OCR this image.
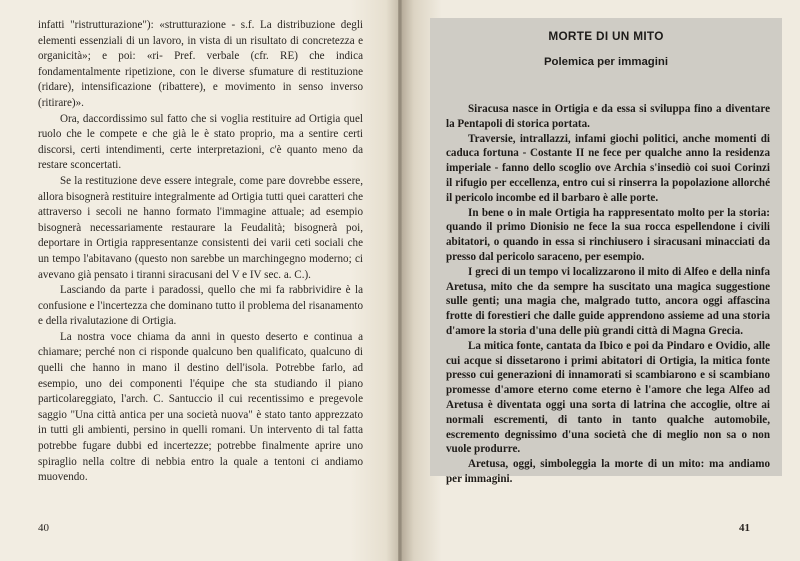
infatti "ristrutturazione"): «strutturazione - s.f. La distribuzione degli elementi essenziali di un lavoro, in vista di un risultato di concretezza e organicità»; e poi: «ri- Pref. verbale (cfr. RE) che indica fondamentalmente ripetizione, con le diverse sfumature di restituzione (ridare), intensificazione (ribattere), e movimento in senso inverso (ritirare)».

Ora, daccordissimo sul fatto che si voglia restituire ad Ortigia quel ruolo che le compete e che già le è stato proprio, ma a sentire certi discorsi, certi intendimenti, certe interpretazioni, c'è quanto meno da restare sconcertati.

Se la restituzione deve essere integrale, come pare dovrebbe essere, allora bisognerà restituire integralmente ad Ortigia tutti quei caratteri che attraverso i secoli ne hanno formato l'immagine attuale; ad esempio bisognerà necessariamente restaurare la Feudalità; bisognerà poi, deportare in Ortigia rappresentanze consistenti dei varii ceti sociali che un tempo l'abitavano (questo non sarebbe un marchingegno moderno; ci avevano già pensato i tiranni siracusani del V e IV sec. a. C.).

Lasciando da parte i paradossi, quello che mi fa rabbrividire è la confusione e l'incertezza che dominano tutto il problema del risanamento e della rivalutazione di Ortigia.

La nostra voce chiama da anni in questo deserto e continua a chiamare; perché non ci risponde qualcuno ben qualificato, qualcuno di quelli che hanno in mano il destino dell'isola. Potrebbe farlo, ad esempio, uno dei componenti l'équipe che sta studiando il piano particolareggiato, l'arch. C. Santuccio il cui recentissimo e pregevole saggio "Una città antica per una società nuova" è stato tanto apprezzato in tutti gli ambienti, persino in quelli romani. Un intervento di tal fatta potrebbe fugare dubbi ed incertezze; potrebbe finalmente aprire uno spiraglio nella coltre di nebbia entro la quale a tentoni ci andiamo muovendo.

40
MORTE DI UN MITO
Polemica per immagini

Siracusa nasce in Ortigia e da essa si sviluppa fino a diventare la Pentapoli di storica portata.

Traversie, intrallazzi, infami giochi politici, anche momenti di caduca fortuna - Costante II ne fece per qualche anno la residenza imperiale - fanno dello scoglio ove Archia s'insediò coi suoi Corinzi il rifugio per eccellenza, entro cui si rinserra la popolazione allorché il pericolo incombe ed il barbaro è alle porte.

In bene o in male Ortigia ha rappresentato molto per la storia: quando il primo Dionisio ne fece la sua rocca espellendone i civili abitatori, o quando in essa si rinchiusero i siracusani minacciati da presso dal pericolo saraceno, per esempio.

I greci di un tempo vi localizzarono il mito di Alfeo e della ninfa Aretusa, mito che da sempre ha suscitato una magica suggestione sulle genti; una magia che, malgrado tutto, ancora oggi affascina frotte di forestieri che dalle guide apprendono assieme ad una storia d'amore la storia d'una delle più grandi città di Magna Grecia.

La mitica fonte, cantata da Ibico e poi da Pindaro e Ovidio, alle cui acque si dissetarono i primi abitatori di Ortigia, la mitica fonte presso cui generazioni di innamorati si scambiarono e si scambiano promesse d'amore eterno come eterno è l'amore che lega Alfeo ad Aretusa è diventata oggi una sorta di latrina che accoglie, oltre ai normali escrementi, di tanto in tanto qualche automobile, escremento degnissimo d'una società che di meglio non sa o non vuole produrre.

Aretusa, oggi, simboleggia la morte di un mito: ma andiamo per immagini.

41
